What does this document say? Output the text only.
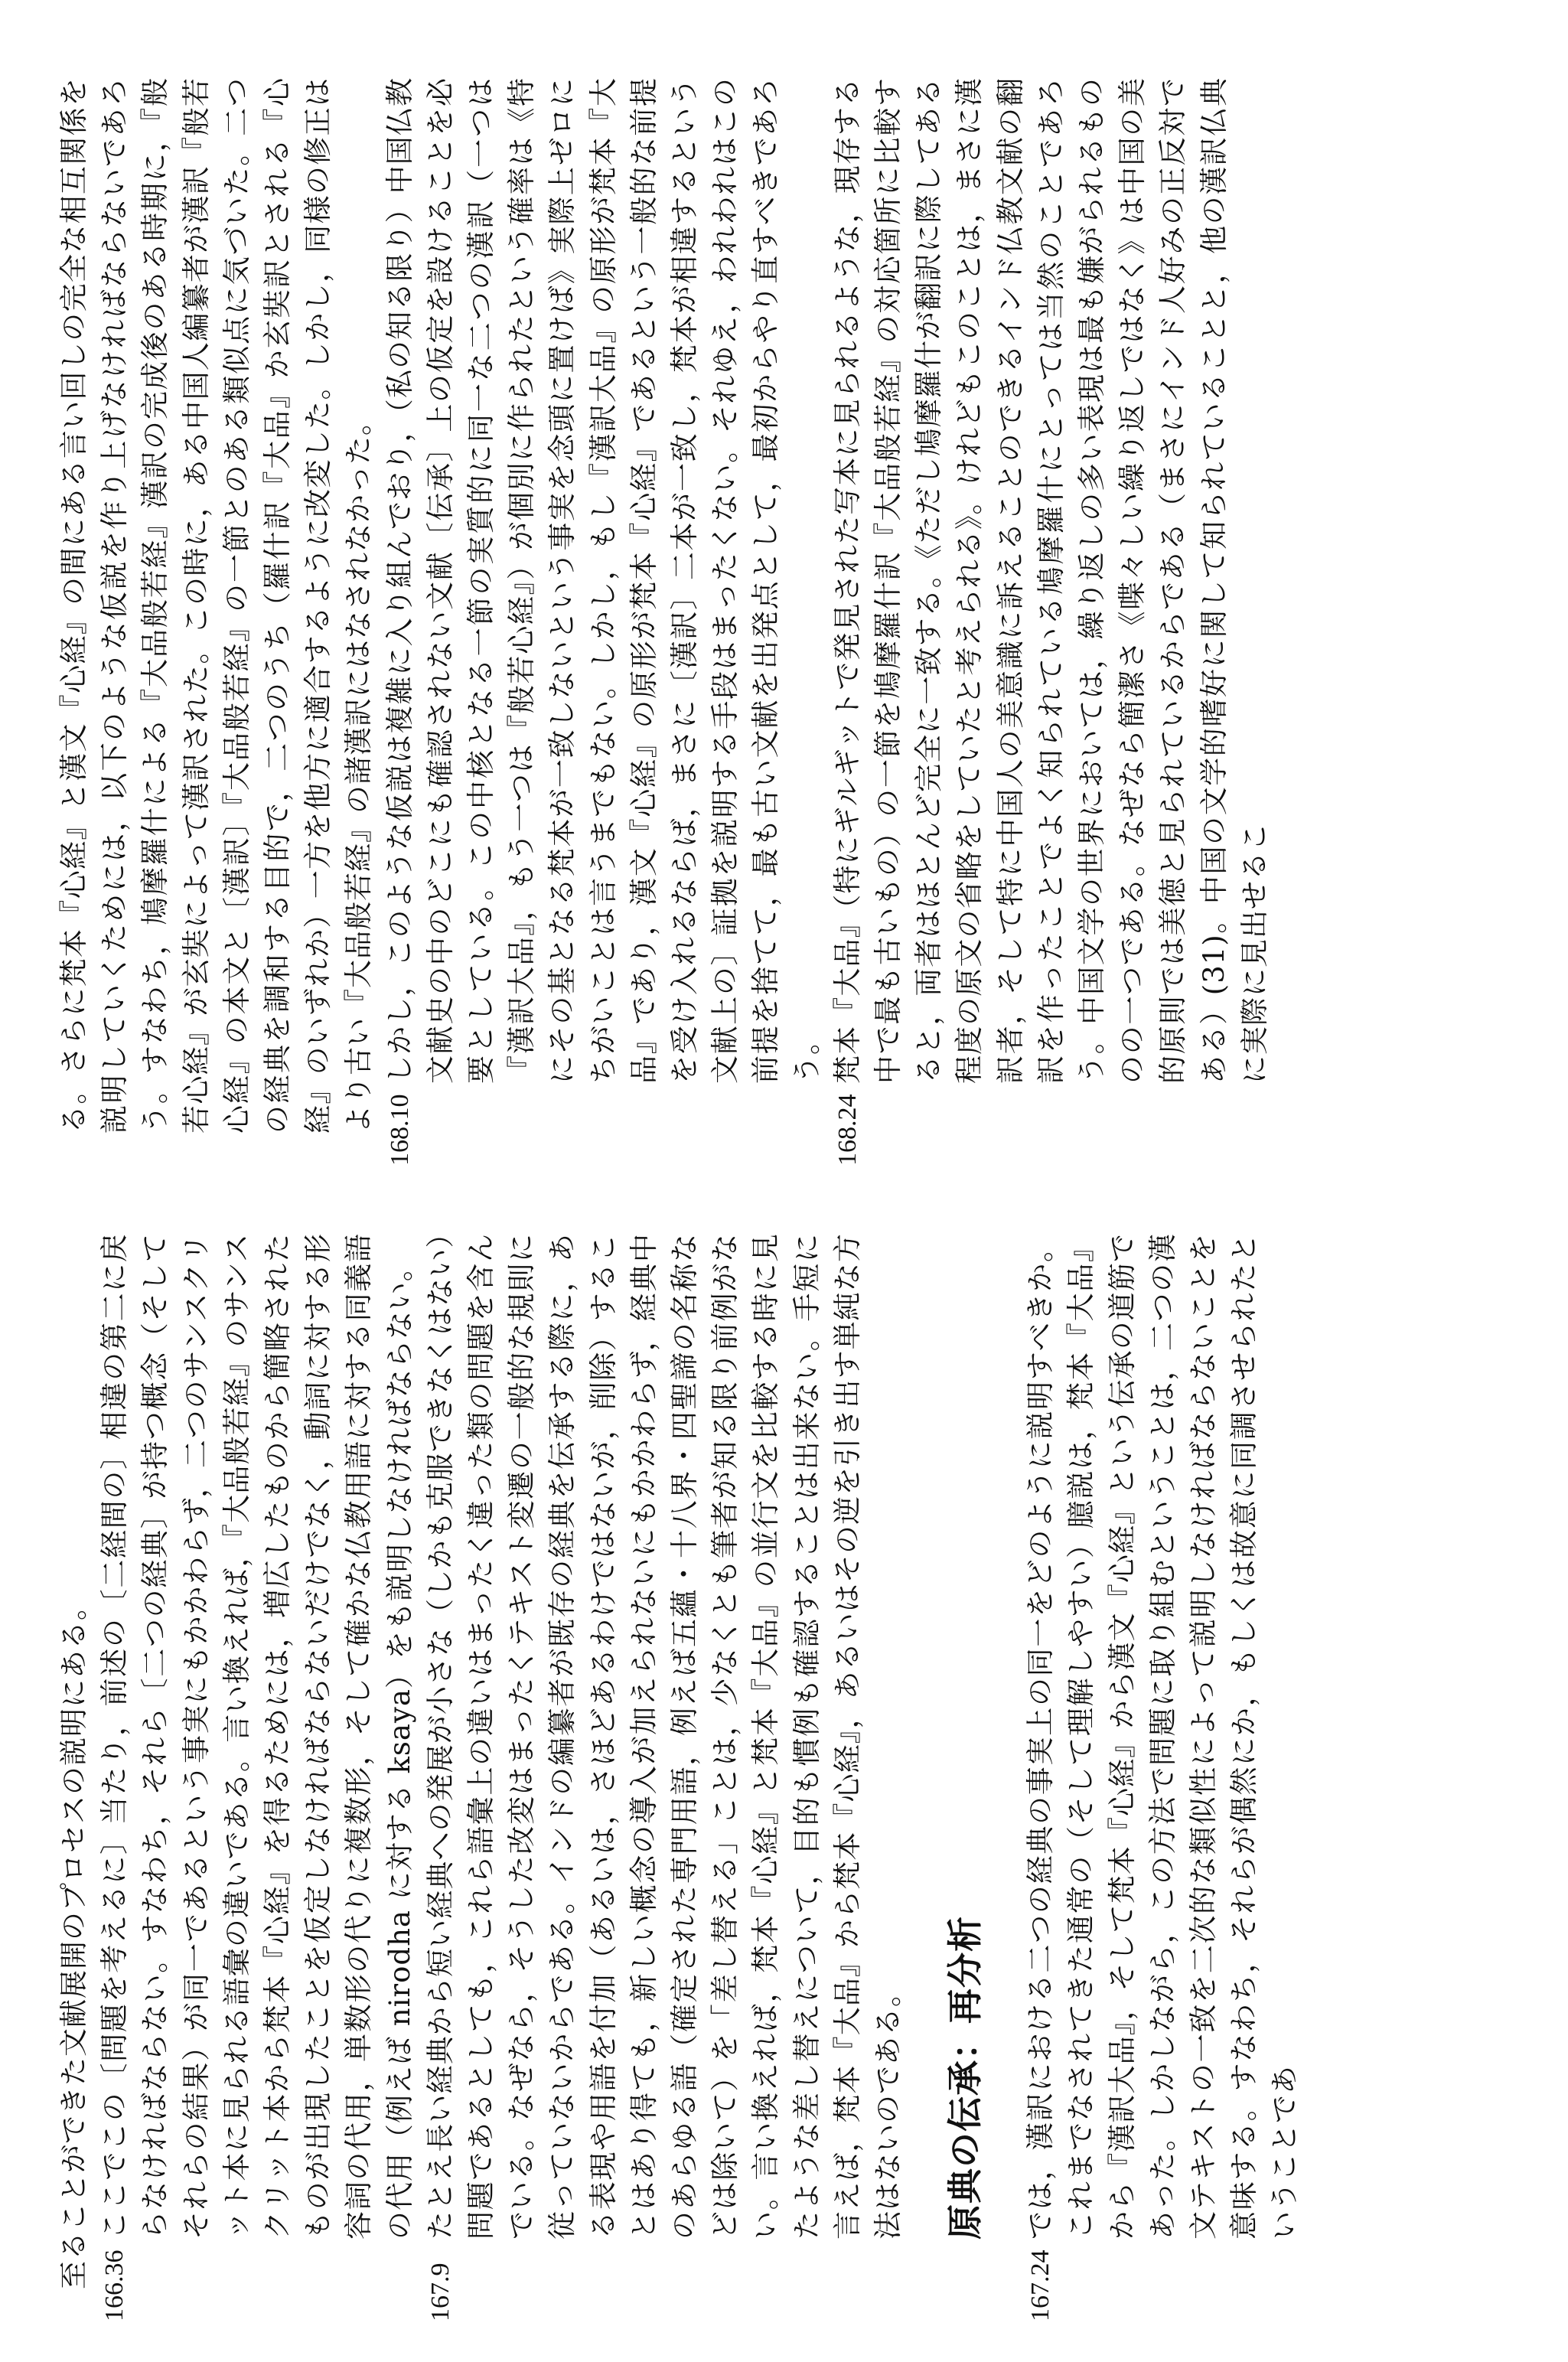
至ることができた文献展開のプロセスの説明にある。 166.36
ここでこの〔問題を考えるに〕当たり，前述の〔二経間の〕相違の第二に戻らなければならない。すなわち，それら〔二つの経典〕が持つ概念（そしてそれらの結果）が同一であるという事実にもかかわらず，二つのサンスクリット本に見られる語彙の違いである。言い換えれば，『大品般若経』のサンスクリット本から梵本『心経』を得るためには，増広したものから簡略されたものが出現したことを仮定しなければならないだけでなく，動詞に対する形容詞の代用，単数形の代りに複数形，そして確かな仏教用語に対する同義語の代用（例えば nirodha に対する ksaya）をも説明しなければならない。
167.9
たとえ長い経典から短い経典への発展が小さな（しかも克服できなくはない）問題であるとしても，これら語彙上の違いはまったく違った類の問題を含んでいる。なぜなら，そうした改変はまったくテキスト変遷の一般的な規則に従っていないからである。インドの編纂者が既存の経典を伝承する際に，ある表現や用語を付加（あるいは，さほどあるわけではないが，削除）することはあり得ても，新しい概念の導入が加えられないにもかかわらず，経典中のあらゆる語（確定された専門用語，例えば五蘊・十八界・四聖諦の名称などは除いて）を「差し替える」ことは，少なくとも筆者が知る限り前例がない。言い換えれば，梵本『心経』と梵本『大品』の並行文を比較する時に見たような差し替えについて，目的も慣例も確認することは出来ない。手短に言えば，梵本『大品』から梵本『心経』，あるいはその逆を引き出す単純な方法はないのである。 原典の伝承：再分析
167.24
では，漢訳における二つの経典の事実上の同一をどのように説明すべきか。これまでなされてきた通常の（そして理解しやすい）臆説は，梵本『大品』から『漢訳大品』，そして梵本『心経』から漢文『心経』という伝承の道筋であった。しかしながら，この方法で問題に取り組むということは，二つの漢文テキストの一致を二次的な類似性によって説明しなければならないことを意味する。すなわち，それらが偶然にか，もしくは故意に同調させられたということであ

る。さらに梵本『心経』と漢文『心経』の間にある言い回しの完全な相互関係を説明していくためには，以下のような仮説を作り上げなければならないであろう。すなわち，鳩摩羅什による『大品般若経』漢訳の完成後のある時期に，『般若心経』が玄奘によって漢訳された。この時に，ある中国人編纂者が漢訳『般若心経』の本文と〔漢訳〕『大品般若経』の一節とのある類似点に気づいた。二つの経典を調和する目的で，二つのうち（羅什訳『大品』か玄奘訳とされる『心経』のいずれか）一方を他方に適合するように改変した。しかし，同様の修正はより古い『大品般若経』の諸漢訳にはなされなかった。 168.10
しかし，このような仮説は複雑に入り組んでおり，（私の知る限り）中国仏教文献史の中のどこにも確認されない文献〔伝承〕上の仮定を設けることを必要としている。この中核となる一節の実質的に同一な二つの漢訳（一つは『漢訳大品』，もう一つは『般若心経』）が個別に作られたという確率は《特にその基となる梵本が一致しないという事実を念頭に置けば》実際上ゼロにちがいことは言うまでもない。しかし，もし『漢訳大品』の原形が梵本『大品』であり，漢文『心経』の原形が梵本『心経』であるという一般的な前提を受け入れるならば，まさに〔漢訳〕二本が一致し，梵本が相違するという文献上の〕証拠を説明する手段はまったくない。それゆえ，われわれはこの前提を捨てて，最も古い文献を出発点として，最初からやり直すべきであろう。
168.24
梵本『大品』（特にギルギットで発見された写本に見られるような，現存する中で最も古いもの）の一節を鳩摩羅什訳『大品般若経』の対応箇所に比較すると，両者はほとんど完全に一致する。《ただし鳩摩羅什が翻訳に際してある程度の原文の省略をしていたと考えられる》。けれどもこのことは，まさに漢訳者，そして特に中国人の美意識に訴えることのできるインド仏教文献の翻訳を作ったことでよく知られている鳩摩羅什にとっては当然のことであろう。中国文学の世界においては，繰り返しの多い表現は最も嫌がられるもののの一つである。なぜなら簡潔さ《喋々しい繰り返しではなく》は中国の美的原則では美徳と見られているからである（まさにインド人好みの正反対である）(31)。中国の文学的嗜好に関して知られていることと，他の漢訳仏典に実際に見出せるこ
